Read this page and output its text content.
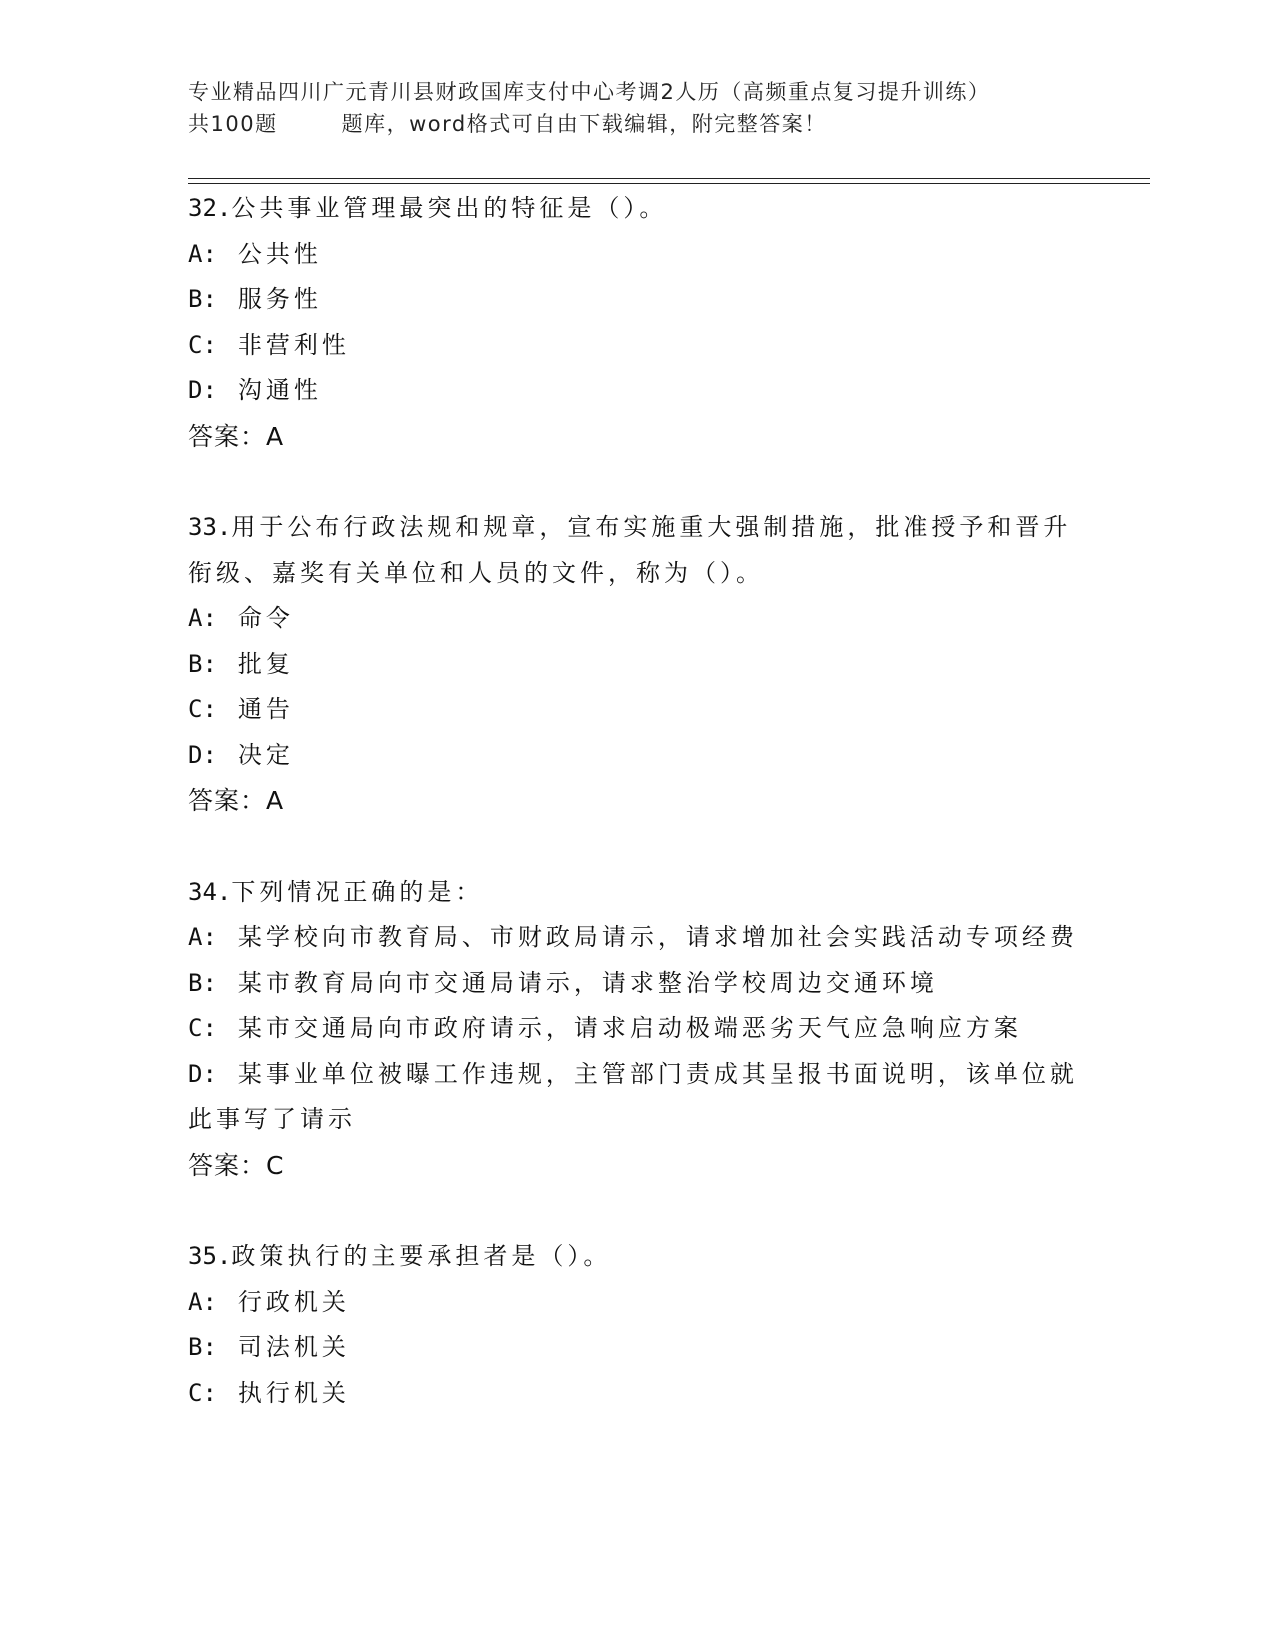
专业精品四川广元青川县财政国库支付中心考调2人历（高频重点复习提升训练）
共100题	题库，word格式可自由下载编辑，附完整答案！
32.公共事业管理最突出的特征是（）。
A: 公共性
B: 服务性
C: 非营利性
D: 沟通性
答案：A
33.用于公布行政法规和规章，宣布实施重大强制措施，批准授予和晋升衔级、嘉奖有关单位和人员的文件，称为（）。
A: 命令
B: 批复
C: 通告
D: 决定
答案：A
34.下列情况正确的是：
A: 某学校向市教育局、市财政局请示，请求增加社会实践活动专项经费
B: 某市教育局向市交通局请示，请求整治学校周边交通环境
C: 某市交通局向市政府请示，请求启动极端恶劣天气应急响应方案
D: 某事业单位被曝工作违规，主管部门责成其呈报书面说明，该单位就此事写了请示
答案：C
35.政策执行的主要承担者是（）。
A: 行政机关
B: 司法机关
C: 执行机关
